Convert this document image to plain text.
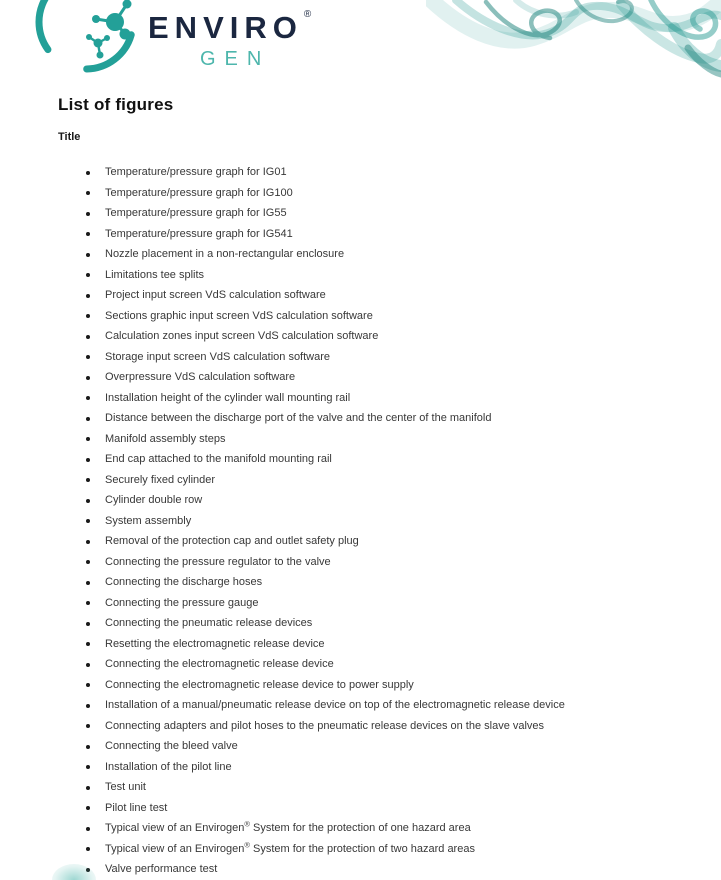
ENVIRO ®
GEN
List of figures
Title
Temperature/pressure graph for IG01
Temperature/pressure graph for IG100
Temperature/pressure graph for IG55
Temperature/pressure graph for IG541
Nozzle placement in a non-rectangular enclosure
Limitations tee splits
Project input screen VdS calculation software
Sections graphic input screen VdS calculation software
Calculation zones input screen VdS calculation software
Storage input screen VdS calculation software
Overpressure VdS calculation software
Installation height of the cylinder wall mounting rail
Distance between the discharge port of the valve and the center of the manifold
Manifold assembly steps
End cap attached to the manifold mounting rail
Securely fixed cylinder
Cylinder double row
System assembly
Removal of the protection cap and outlet safety plug
Connecting the pressure regulator to the valve
Connecting the discharge hoses
Connecting the pressure gauge
Connecting the pneumatic release devices
Resetting the electromagnetic release device
Connecting the electromagnetic release device
Connecting the electromagnetic release device to power supply
Installation of a manual/pneumatic release device on top of the electromagnetic release device
Connecting adapters and pilot hoses to the pneumatic release devices on the slave valves
Connecting the bleed valve
Installation of the pilot line
Test unit
Pilot line test
Typical view of an Envirogen® System for the protection of one hazard area
Typical view of an Envirogen® System for the protection of two hazard areas
Valve performance test
